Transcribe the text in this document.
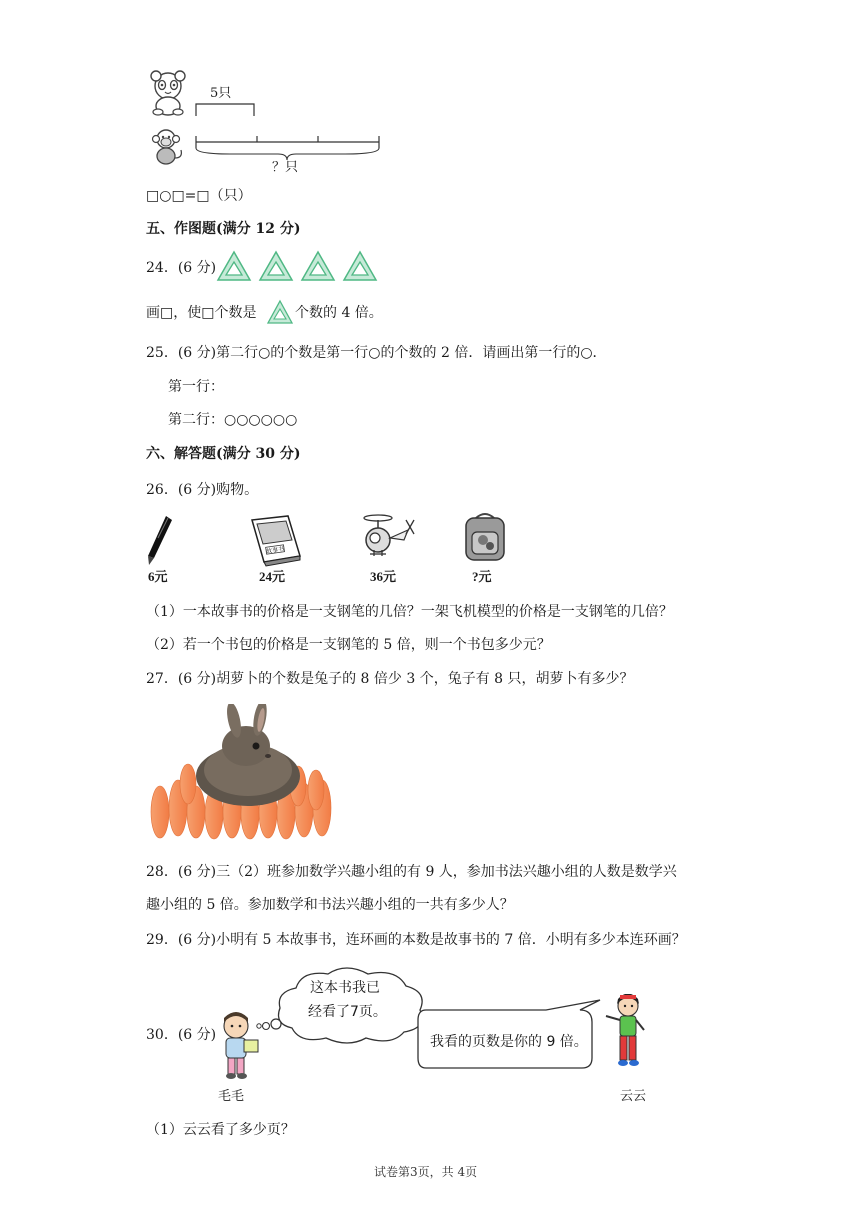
5只
？只
□○□=□（只）
五、作图题(满分 12 分)
24．(6 分)
画□，使□个数是	个数的 4 倍。
25．(6 分)第二行○的个数是第一行○的个数的 2 倍．请画出第一行的○．
第一行：
第二行：○○○○○○
六、解答题(满分 30 分)
26．(6 分)购物。
6元
故事书
24元	36元	?元
（1）一本故事书的价格是一支钢笔的几倍？一架飞机模型的价格是一支钢笔的几倍？
（2）若一个书包的价格是一支钢笔的 5 倍，则一个书包多少元？
27．(6 分)胡萝卜的个数是兔子的 8 倍少 3 个，兔子有 8 只，胡萝卜有多少？
28．(6 分)三（2）班参加数学兴趣小组的有 9 人，参加书法兴趣小组的人数是数学兴
趣小组的 5 倍。参加数学和书法兴趣小组的一共有多少人？
29．(6 分)小明有 5 本故事书，连环画的本数是故事书的 7 倍．小明有多少本连环画？
30．(6 分)
这本书我已
经看了7页。
我看的页数是你的 9 倍。
毛毛	云云
（1）云云看了多少页？
试卷第3页，共 4页
